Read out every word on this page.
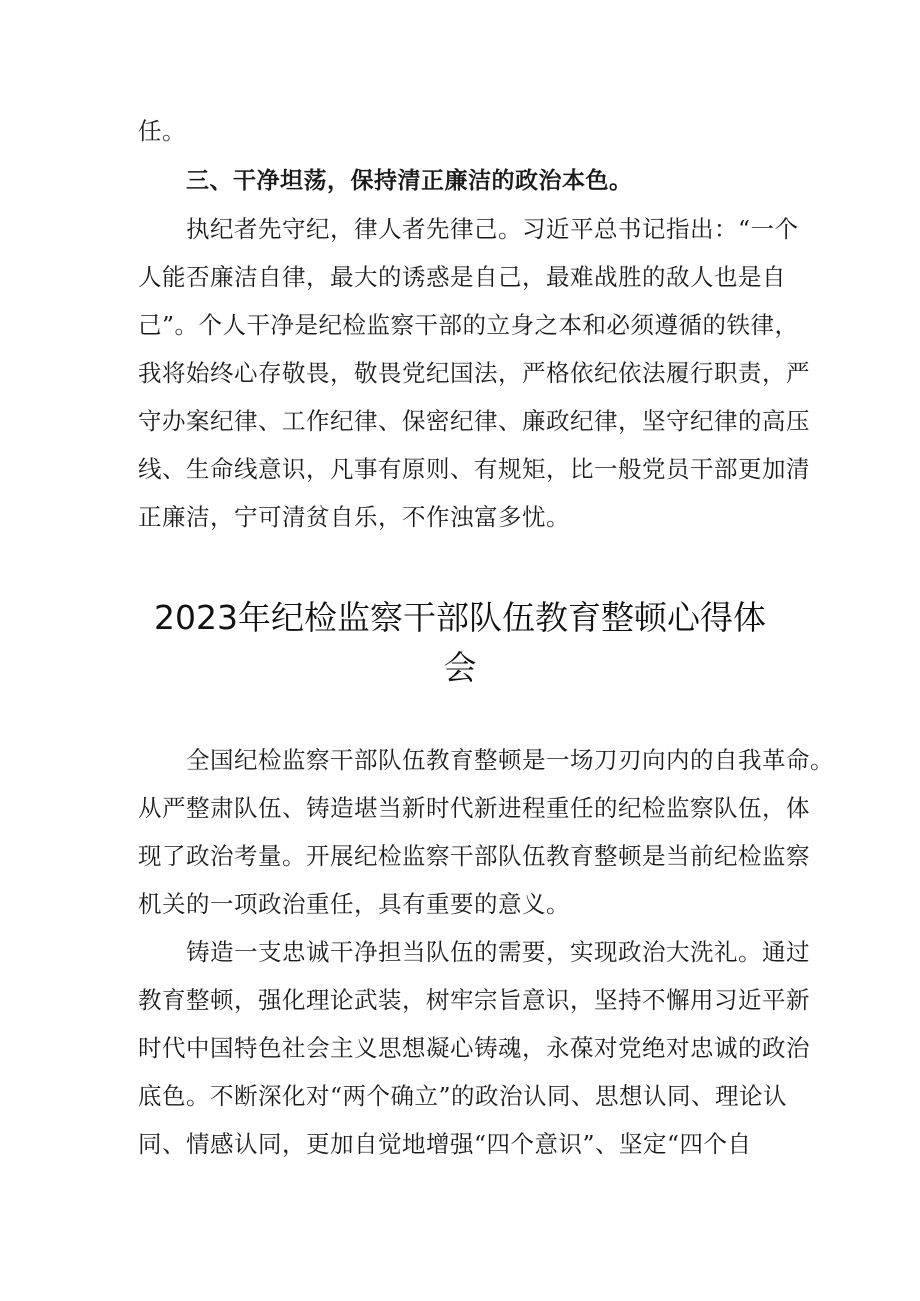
任。
三、干净坦荡，保持清正廉洁的政治本色。
执纪者先守纪，律人者先律己。习近平总书记指出：“一个
人能否廉洁自律，最大的诱惑是自己，最难战胜的敌人也是自
己”。个人干净是纪检监察干部的立身之本和必须遵循的铁律，
我将始终心存敬畏，敬畏党纪国法，严格依纪依法履行职责，严
守办案纪律、工作纪律、保密纪律、廉政纪律，坚守纪律的高压
线、生命线意识，凡事有原则、有规矩，比一般党员干部更加清
正廉洁，宁可清贫自乐，不作浊富多忧。
2023年纪检监察干部队伍教育整顿心得体
会
全国纪检监察干部队伍教育整顿是一场刀刃向内的自我革命。
从严整肃队伍、铸造堪当新时代新进程重任的纪检监察队伍，体
现了政治考量。开展纪检监察干部队伍教育整顿是当前纪检监察
机关的一项政治重任，具有重要的意义。
铸造一支忠诚干净担当队伍的需要，实现政治大洗礼。通过
教育整顿，强化理论武装，树牢宗旨意识，坚持不懈用习近平新
时代中国特色社会主义思想凝心铸魂，永葆对党绝对忠诚的政治
底色。不断深化对“两个确立”的政治认同、思想认同、理论认
同、情感认同，更加自觉地增强“四个意识”、坚定“四个自
